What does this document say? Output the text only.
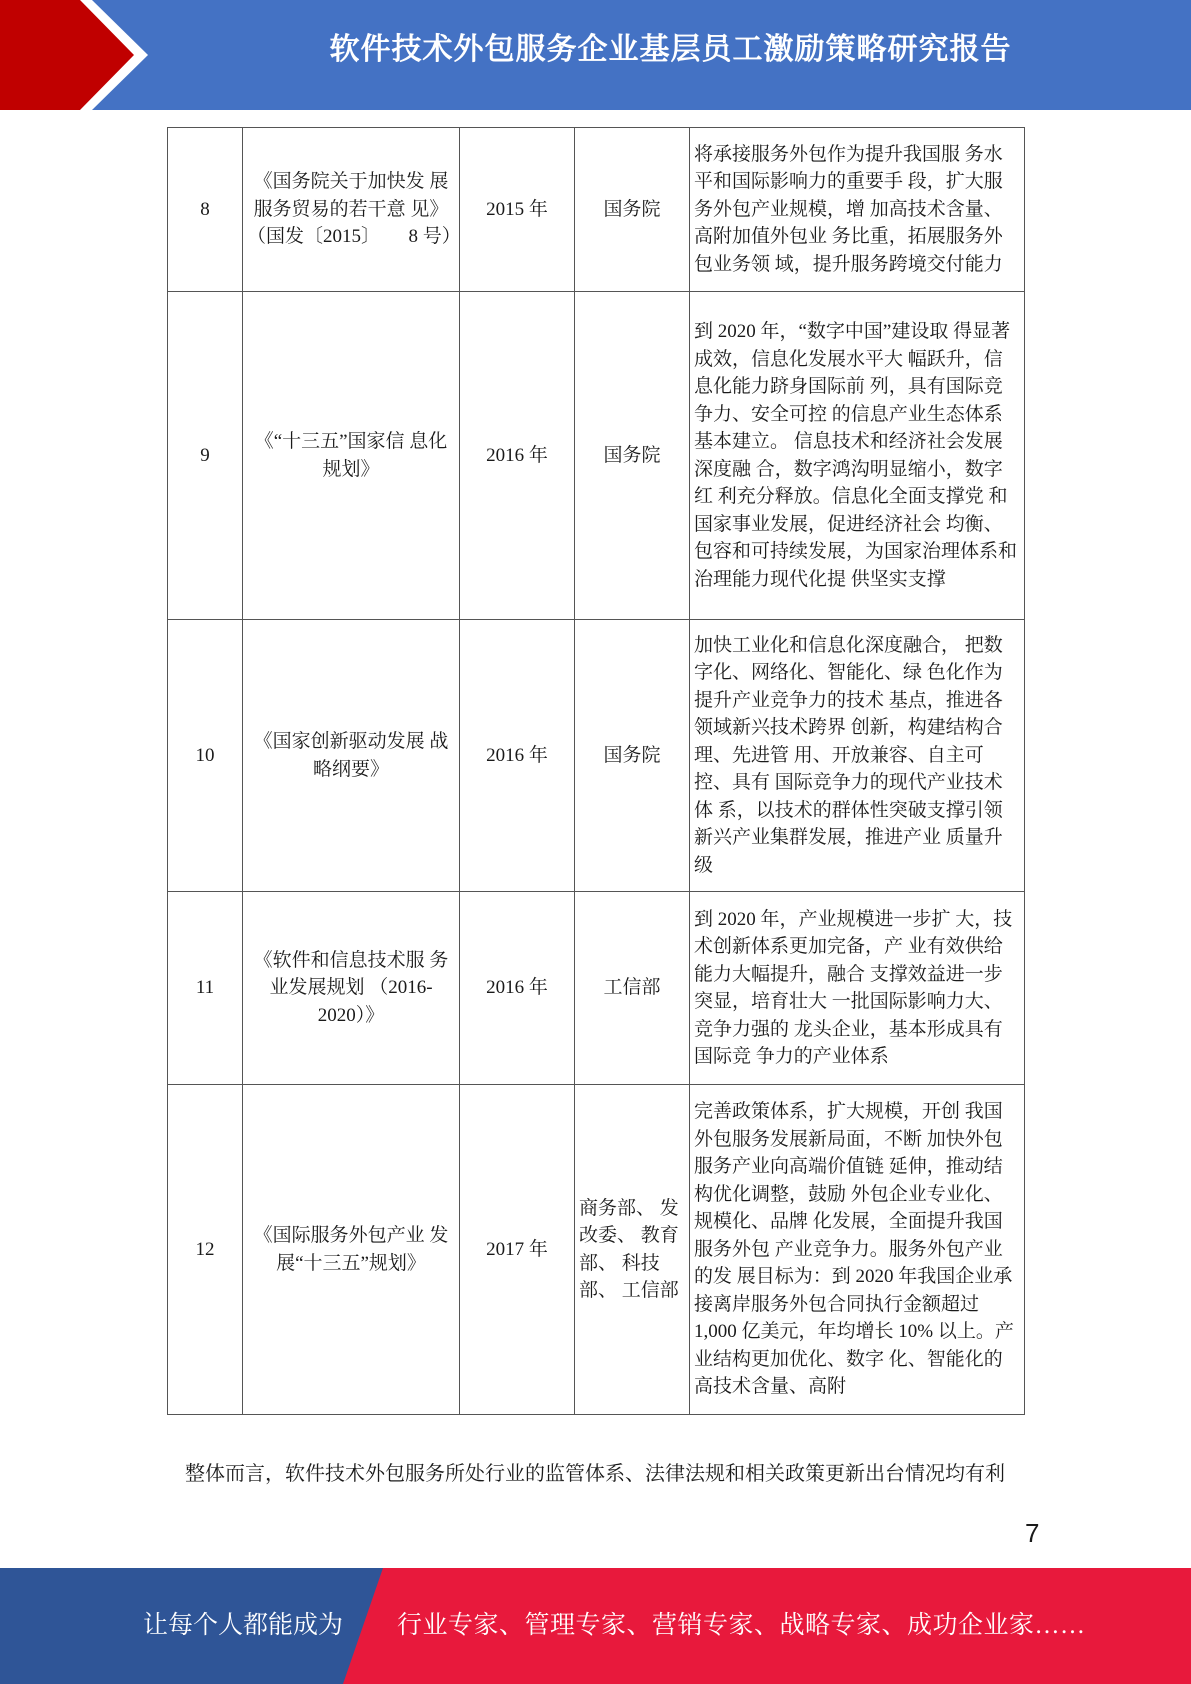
软件技术外包服务企业基层员工激励策略研究报告
8	《国务院关于加快发 展服务贸易的若干意 见》（国发〔2015〕　　8 号）	2015 年	国务院	将承接服务外包作为提升我国服 务水平和国际影响力的重要手 段，扩大服务外包产业规模，增 加高技术含量、高附加值外包业 务比重，拓展服务外包业务领 域，提升服务跨境交付能力
9	《“十三五”国家信 息化规划》	2016 年	国务院	到 2020 年，“数字中国”建设取 得显著成效，信息化发展水平大 幅跃升，信息化能力跻身国际前 列，具有国际竞争力、安全可控 的信息产业生态体系基本建立。 信息技术和经济社会发展深度融 合，数字鸿沟明显缩小，数字红 利充分释放。信息化全面支撑党 和国家事业发展，促进经济社会 均衡、包容和可持续发展，为国家治理体系和治理能力现代化提 供坚实支撑
10	《国家创新驱动发展 战略纲要》	2016 年	国务院	加快工业化和信息化深度融合， 把数字化、网络化、智能化、绿 色化作为提升产业竞争力的技术 基点，推进各领域新兴技术跨界 创新，构建结构合理、先进管 用、开放兼容、自主可控、具有 国际竞争力的现代产业技术体 系，以技术的群体性突破支撑引领新兴产业集群发展，推进产业 质量升级
11	《软件和信息技术服 务业发展规划 （2016-2020）》	2016 年	工信部	到 2020 年，产业规模进一步扩 大，技术创新体系更加完备，产 业有效供给能力大幅提升，融合 支撑效益进一步突显，培育壮大 一批国际影响力大、竞争力强的 龙头企业，基本形成具有国际竞 争力的产业体系
12	《国际服务外包产业 发展“十三五”规划》	2017 年	商务部、 发改委、 教育部、 科技部、 工信部	完善政策体系，扩大规模，开创 我国外包服务发展新局面，不断 加快外包服务产业向高端价值链 延伸，推动结构优化调整，鼓励 外包企业专业化、规模化、品牌 化发展，全面提升我国服务外包 产业竞争力。服务外包产业的发 展目标为：到 2020 年我国企业承 接离岸服务外包合同执行金额超过 1,000 亿美元，年均增长 10% 以上。产业结构更加优化、数字 化、智能化的高技术含量、高附
整体而言，软件技术外包服务所处行业的监管体系、法律法规和相关政策更新出台情况均有利
7
让每个人都能成为 行业专家、管理专家、营销专家、战略专家、成功企业家……
